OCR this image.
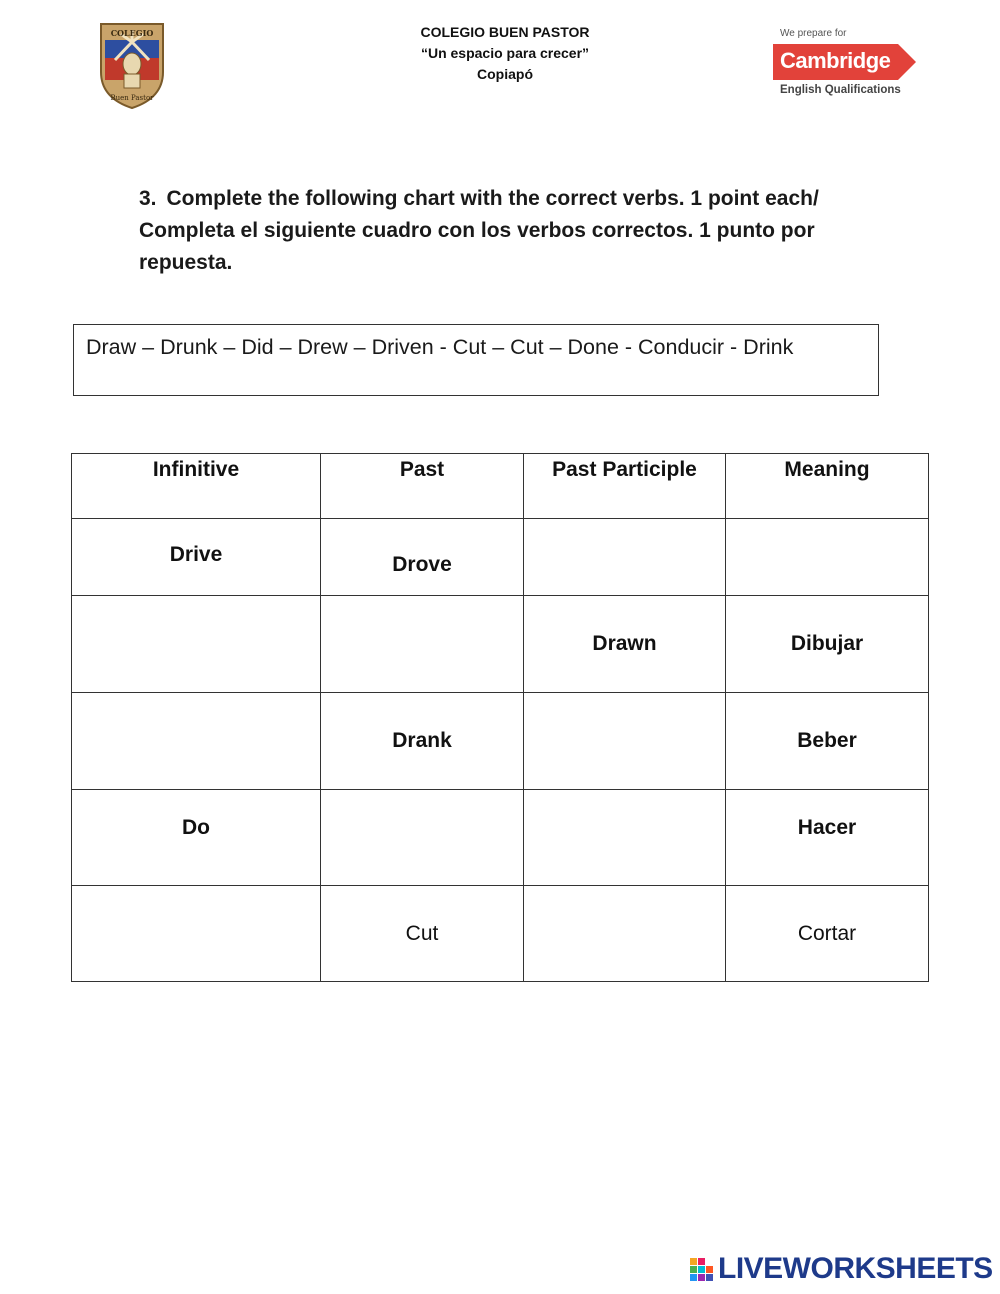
COLEGIO
Buen Pastor
COLEGIO BUEN PASTOR
“Un espacio para crecer”
Copiapó
We prepare for
Cambridge
English Qualifications
3. Complete the following chart with the correct verbs. 1 point each/ Completa el siguiente cuadro con los verbos correctos. 1 punto por repuesta.
Draw – Drunk – Did – Drew – Driven - Cut – Cut – Done - Conducir - Drink
Infinitive	Past	Past Participle	Meaning
Drive	Drove		
		Drawn	Dibujar
	Drank		Beber
Do			Hacer
	Cut		Cortar
LIVEWORKSHEETS
